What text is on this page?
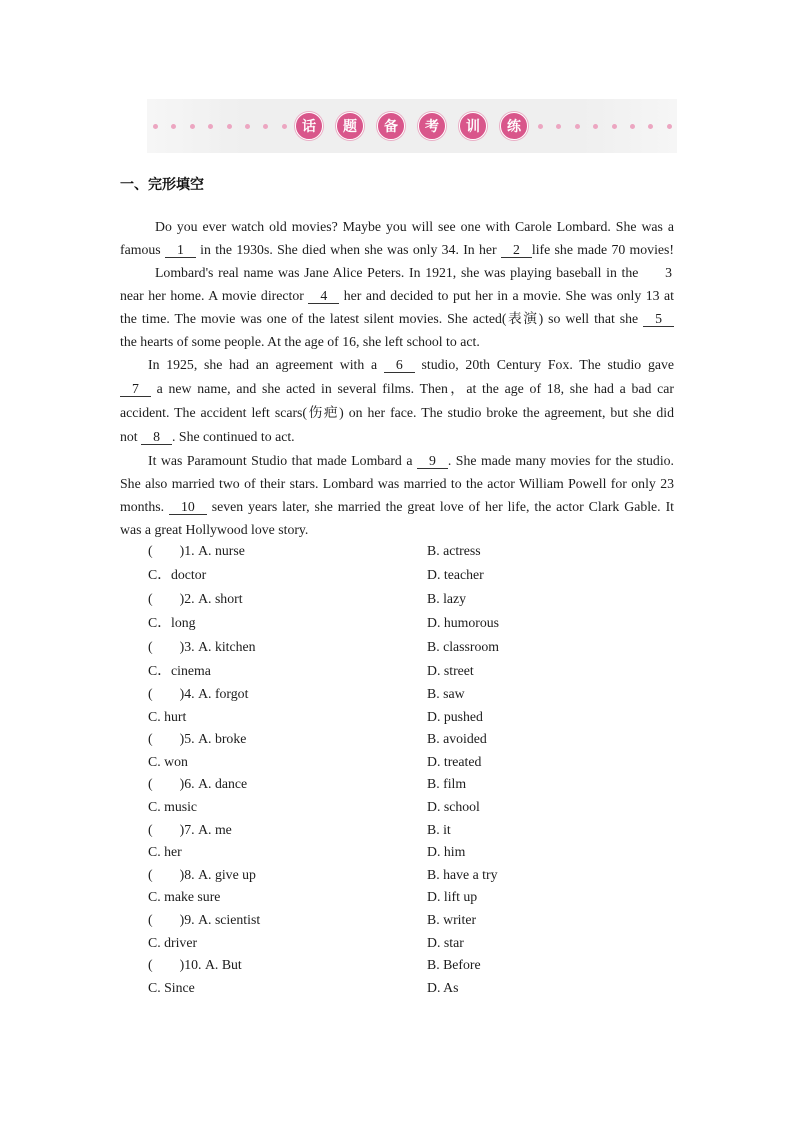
话	题	备	考	训	练
一、完形填空
Do you ever watch old movies? Maybe you will see one with Carole Lombard. She was a
famous 1 in the 1930s. She died when she was only 34. In her 2 life she made 70 movies!
Lombard's real name was Jane Alice Peters. In 1921, she was playing baseball in the 3
near her home. A movie director 4 her and decided to put her in a movie. She was only 13 at
the time. The movie was one of the latest silent movies. She acted(表演) so well that she 5
the hearts of some people. At the age of 16, she left school to act.
In 1925, she had an agreement with a 6 studio, 20th Century Fox. The studio gave
7 a new name, and she acted in several films. Then，at the age of 18, she had a bad car
accident. The accident left scars(伤疤) on her face. The studio broke the agreement, but she did
not 8 . She continued to act.
It was Paramount Studio that made Lombard a 9 . She made many movies for the studio.
She also married two of their stars. Lombard was married to the actor William Powell for only 23
months. 10 seven years later, she married the great love of her life, the actor Clark Gable. It
was a great Hollywood love story.
( )1. A. nurse	B. actress
C．doctor	D. teacher
( )2. A. short	B. lazy
C．long	D. humorous
( )3. A. kitchen	B. classroom
C．cinema	D. street
( )4. A. forgot	B. saw
C. hurt	D. pushed
( )5. A. broke	B. avoided
C. won	D. treated
( )6. A. dance	B. film
C. music	D. school
( )7. A. me	B. it
C. her	D. him
( )8. A. give up	B. have a try
C. make sure	D. lift up
( )9. A. scientist	B. writer
C. driver	D. star
( )10. A. But	B. Before
C. Since	D. As
